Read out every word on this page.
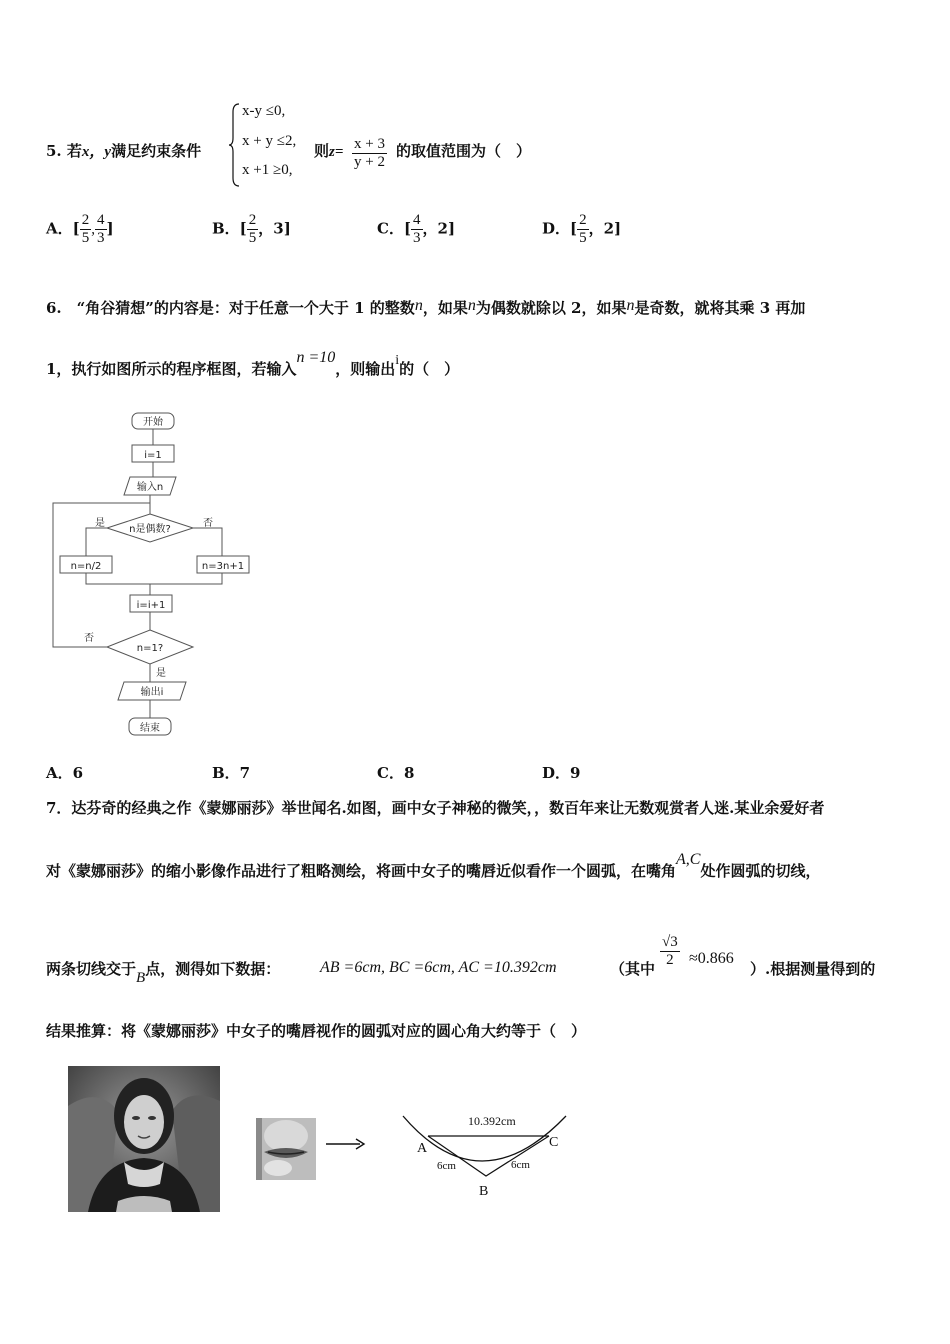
5. 若x，y满足约束条件
x-y ≤0,
x + y ≤2,
x +1 ≥0,
则$z= \frac{x + 3}{y + 2}$ 的取值范围为（　）
A．[ $\frac{2}{5}$ , $\frac{4}{3}$ ]	B．[ $\frac{2}{5}$ ，3]	C．[ $\frac{4}{3}$ ，2]	D．[ $\frac{2}{5}$ ，2]
6.　“角谷猜想”的内容是：对于任意一个大于 1 的整数n，如果n为偶数就除以 2，如果n是奇数，就将其乘 3 再加
1，执行如图所示的程序框图，若输入n =10，则输出i的（　）
开始
i=1
输入n
n是偶数?
是	否
n=n/2
i=i+1
n=1?
否
是
输出i
结束
n=3n+1
A．6	B．7	C．8	D．9
7．达芬奇的经典之作《蒙娜丽莎》举世闻名.如图，画中女子神秘的微笑，，数百年来让无数观赏者人迷.某业余爱好者
对《蒙娜丽莎》的缩小影像作品进行了粗略测绘，将画中女子的嘴唇近似看作一个圆弧，在嘴角A,C处作圆弧的切线，
两条切线交于B点，测得如下数据： AB =6cm, BC =6cm, AC =10.392cm	（其中 $\frac{√3}{2} \approx 0.866$
）.根据测量得到的
结果推算：将《蒙娜丽莎》中女子的嘴唇视作的圆弧对应的圆心角大约等于（　）
10.392cm
A	C
B
6cm	6cm
